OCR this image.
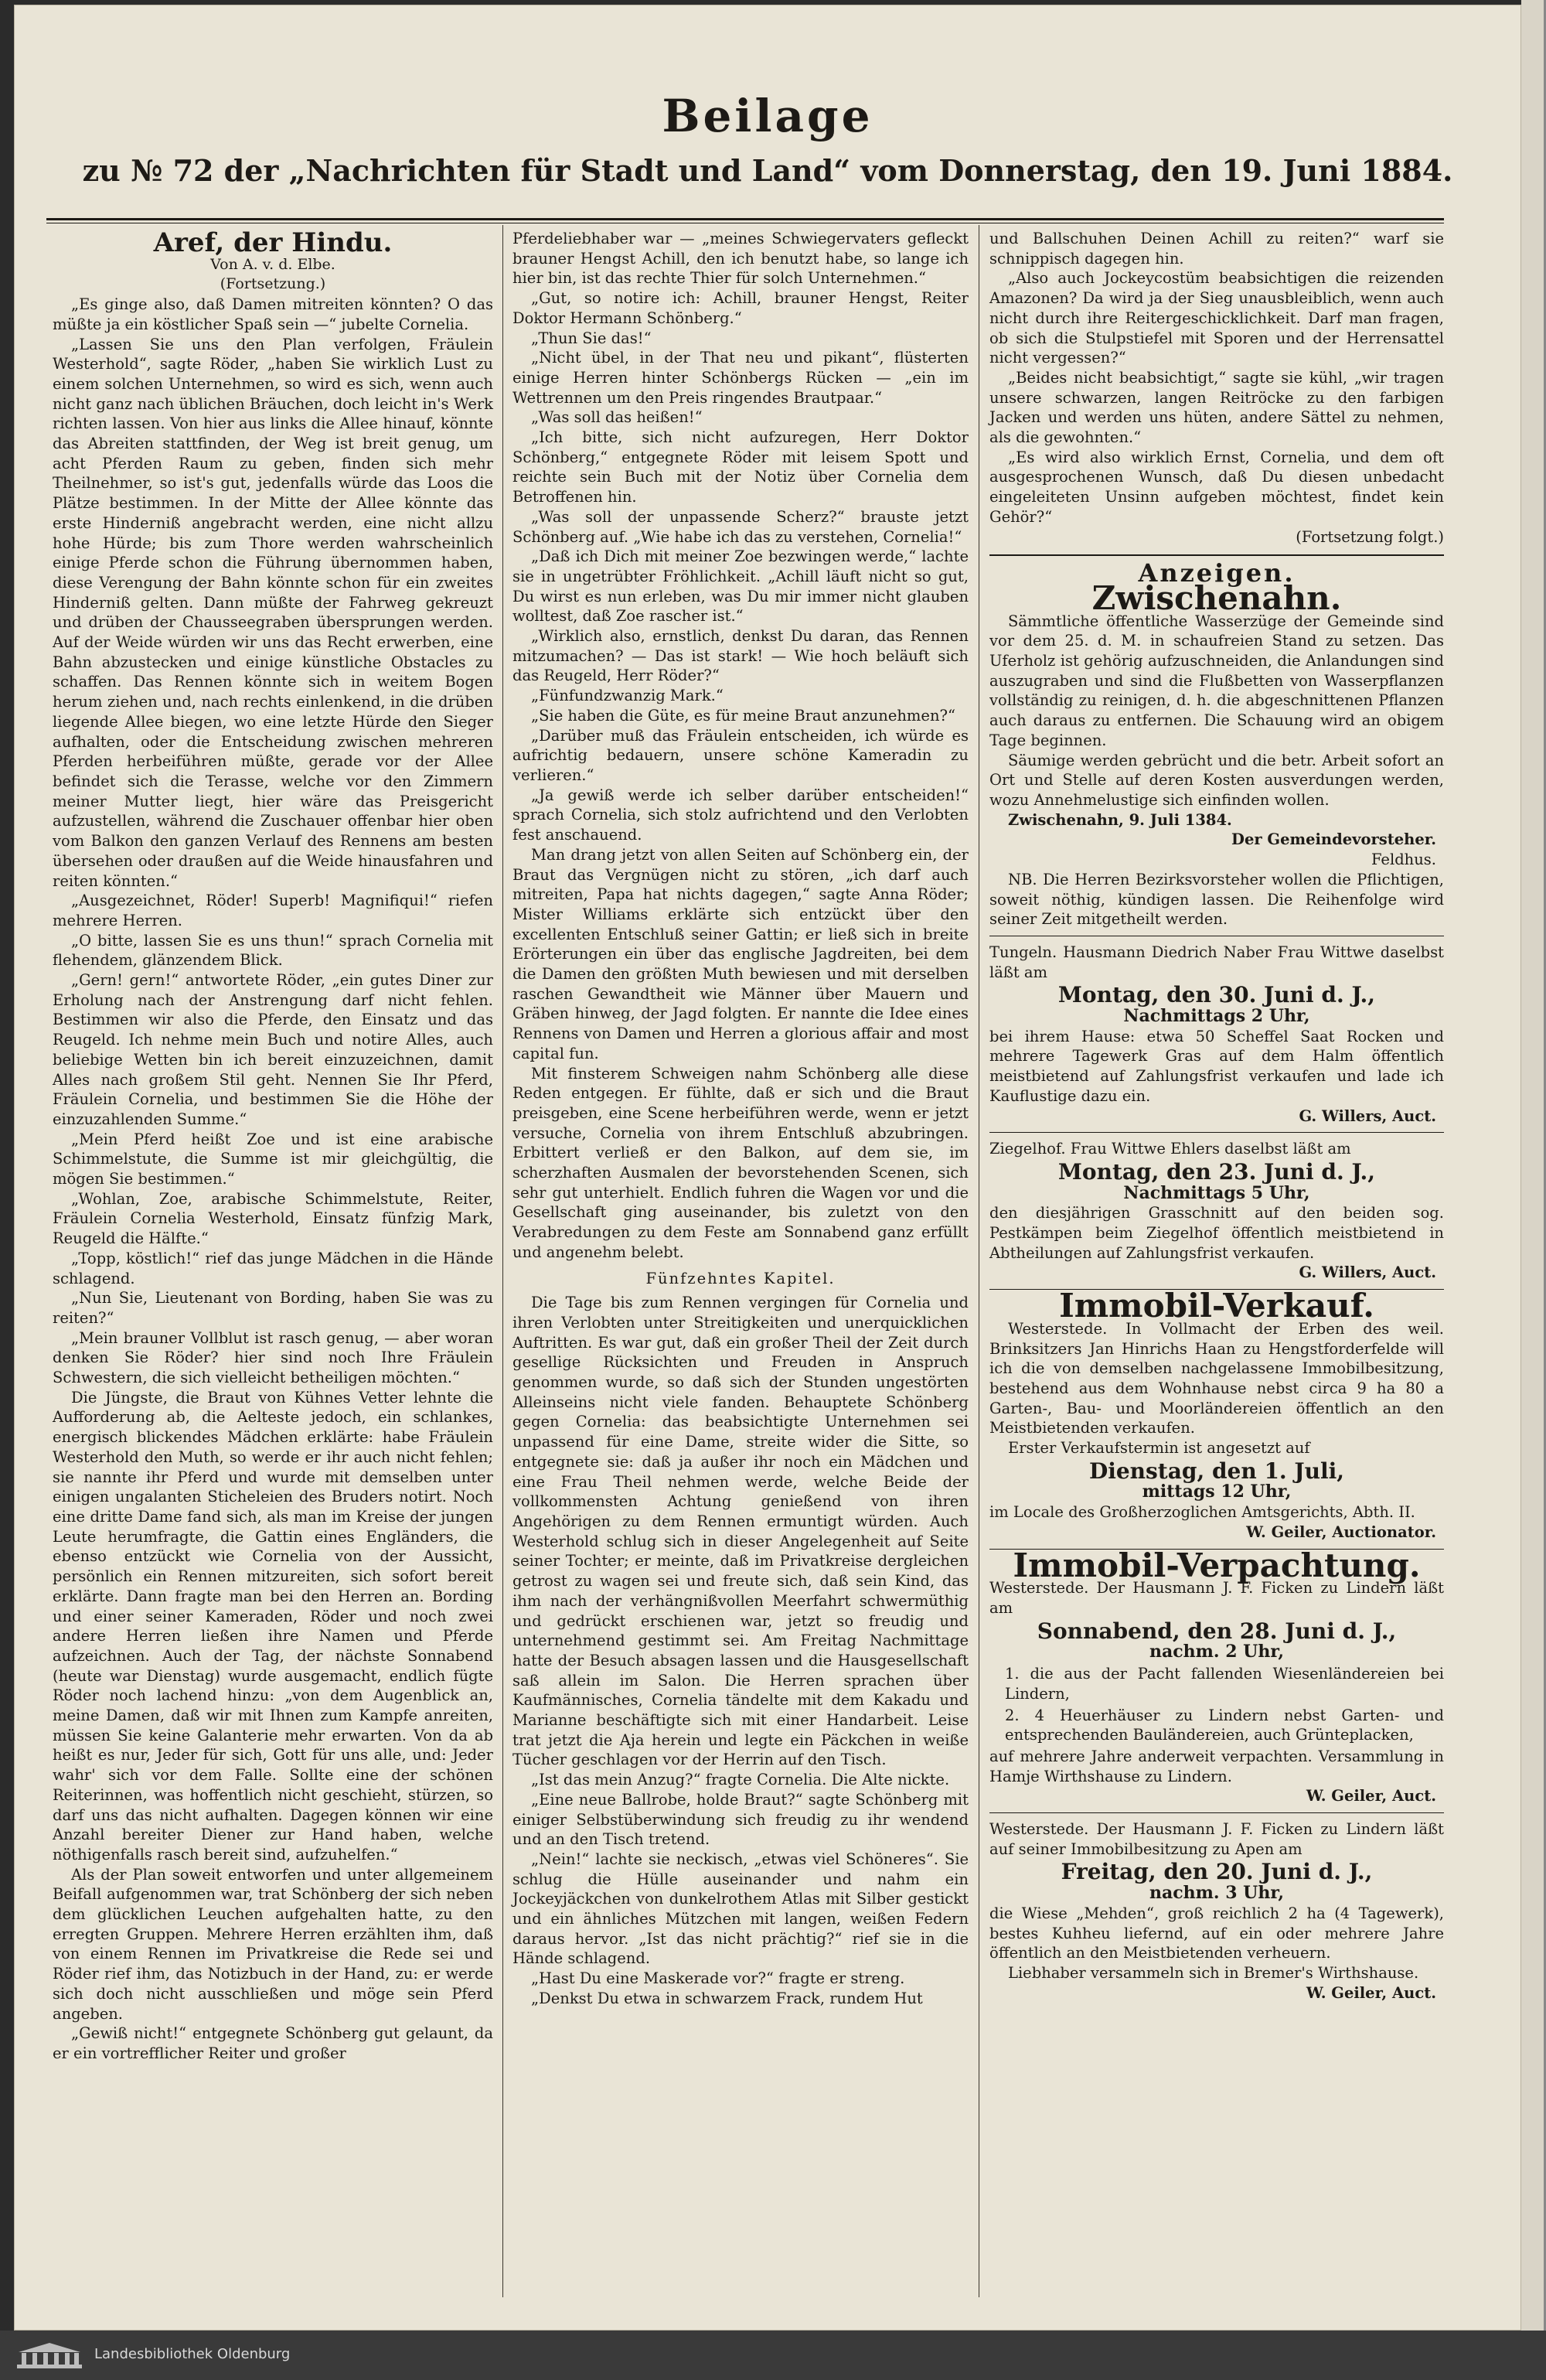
Beilage
zu № 72 der „Nachrichten für Stadt und Land“ vom Donnerstag, den 19. Juni 1884.
Aref, der Hindu.
Von A. v. d. Elbe.
(Fortsetzung.)

„Es ginge also, daß Damen mitreiten könnten? O das müßte ja ein köstlicher Spaß sein —“ jubelte Cornelia.

„Lassen Sie uns den Plan verfolgen, Fräulein Westerhold“, sagte Röder, „haben Sie wirklich Lust zu einem solchen Unternehmen, so wird es sich, wenn auch nicht ganz nach üblichen Bräuchen, doch leicht in's Werk richten lassen. Von hier aus links die Allee hinauf, könnte das Abreiten stattfinden, der Weg ist breit genug, um acht Pferden Raum zu geben, finden sich mehr Theilnehmer, so ist's gut, jedenfalls würde das Loos die Plätze bestimmen. In der Mitte der Allee könnte das erste Hinderniß angebracht werden, eine nicht allzu hohe Hürde; bis zum Thore werden wahrscheinlich einige Pferde schon die Führung übernommen haben, diese Verengung der Bahn könnte schon für ein zweites Hinderniß gelten. Dann müßte der Fahrweg gekreuzt und drüben der Chausseegraben übersprungen werden. Auf der Weide würden wir uns das Recht erwerben, eine Bahn abzustecken und einige künstliche Obstacles zu schaffen. Das Rennen könnte sich in weitem Bogen herum ziehen und, nach rechts einlenkend, in die drüben liegende Allee biegen, wo eine letzte Hürde den Sieger aufhalten, oder die Entscheidung zwischen mehreren Pferden herbeiführen müßte, gerade vor der Allee befindet sich die Terasse, welche vor den Zimmern meiner Mutter liegt, hier wäre das Preisgericht aufzustellen, während die Zuschauer offenbar hier oben vom Balkon den ganzen Verlauf des Rennens am besten übersehen oder draußen auf die Weide hinausfahren und reiten könnten.“

„Ausgezeichnet, Röder! Superb! Magnifiqui!“ riefen mehrere Herren.

„O bitte, lassen Sie es uns thun!“ sprach Cornelia mit flehendem, glänzendem Blick.

„Gern! gern!“ antwortete Röder, „ein gutes Diner zur Erholung nach der Anstrengung darf nicht fehlen. Bestimmen wir also die Pferde, den Einsatz und das Reugeld. Ich nehme mein Buch und notire Alles, auch beliebige Wetten bin ich bereit einzuzeichnen, damit Alles nach großem Stil geht. Nennen Sie Ihr Pferd, Fräulein Cornelia, und bestimmen Sie die Höhe der einzuzahlenden Summe.“

„Mein Pferd heißt Zoe und ist eine arabische Schimmelstute, die Summe ist mir gleichgültig, die mögen Sie bestimmen.“

„Wohlan, Zoe, arabische Schimmelstute, Reiter, Fräulein Cornelia Westerhold, Einsatz fünfzig Mark, Reugeld die Hälfte.“

„Topp, köstlich!“ rief das junge Mädchen in die Hände schlagend.

„Nun Sie, Lieutenant von Bording, haben Sie was zu reiten?“

„Mein brauner Vollblut ist rasch genug, — aber woran denken Sie Röder? hier sind noch Ihre Fräulein Schwestern, die sich vielleicht betheiligen möchten.“

Die Jüngste, die Braut von Kühnes Vetter lehnte die Aufforderung ab, die Aelteste jedoch, ein schlankes, energisch blickendes Mädchen erklärte: habe Fräulein Westerhold den Muth, so werde er ihr auch nicht fehlen; sie nannte ihr Pferd und wurde mit demselben unter einigen ungalanten Sticheleien des Bruders notirt. Noch eine dritte Dame fand sich, als man im Kreise der jungen Leute herumfragte, die Gattin eines Engländers, die ebenso entzückt wie Cornelia von der Aussicht, persönlich ein Rennen mitzureiten, sich sofort bereit erklärte. Dann fragte man bei den Herren an. Bording und einer seiner Kameraden, Röder und noch zwei andere Herren ließen ihre Namen und Pferde aufzeichnen. Auch der Tag, der nächste Sonnabend (heute war Dienstag) wurde ausgemacht, endlich fügte Röder noch lachend hinzu: „von dem Augenblick an, meine Damen, daß wir mit Ihnen zum Kampfe anreiten, müssen Sie keine Galanterie mehr erwarten. Von da ab heißt es nur, Jeder für sich, Gott für uns alle, und: Jeder wahr' sich vor dem Falle. Sollte eine der schönen Reiterinnen, was hoffentlich nicht geschieht, stürzen, so darf uns das nicht aufhalten. Dagegen können wir eine Anzahl bereiter Diener zur Hand haben, welche nöthigenfalls rasch bereit sind, aufzuhelfen.“

Als der Plan soweit entworfen und unter allgemeinem Beifall aufgenommen war, trat Schönberg der sich neben dem glücklichen Leuchen aufgehalten hatte, zu den erregten Gruppen. Mehrere Herren erzählten ihm, daß von einem Rennen im Privatkreise die Rede sei und Röder rief ihm, das Notizbuch in der Hand, zu: er werde sich doch nicht ausschließen und möge sein Pferd angeben.

„Gewiß nicht!“ entgegnete Schönberg gut gelaunt, da er ein vortrefflicher Reiter und großer

Pferdeliebhaber war — „meines Schwiegervaters gefleckt brauner Hengst Achill, den ich benutzt habe, so lange ich hier bin, ist das rechte Thier für solch Unternehmen.“

„Gut, so notire ich: Achill, brauner Hengst, Reiter Doktor Hermann Schönberg.“

„Thun Sie das!“

„Nicht übel, in der That neu und pikant“, flüsterten einige Herren hinter Schönbergs Rücken — „ein im Wettrennen um den Preis ringendes Brautpaar.“

„Was soll das heißen!“

„Ich bitte, sich nicht aufzuregen, Herr Doktor Schönberg,“ entgegnete Röder mit leisem Spott und reichte sein Buch mit der Notiz über Cornelia dem Betroffenen hin.

„Was soll der unpassende Scherz?“ brauste jetzt Schönberg auf. „Wie habe ich das zu verstehen, Cornelia!“

„Daß ich Dich mit meiner Zoe bezwingen werde,“ lachte sie in ungetrübter Fröhlichkeit. „Achill läuft nicht so gut, Du wirst es nun erleben, was Du mir immer nicht glauben wolltest, daß Zoe rascher ist.“

„Wirklich also, ernstlich, denkst Du daran, das Rennen mitzumachen? — Das ist stark! — Wie hoch beläuft sich das Reugeld, Herr Röder?“

„Fünfundzwanzig Mark.“

„Sie haben die Güte, es für meine Braut anzunehmen?“

„Darüber muß das Fräulein entscheiden, ich würde es aufrichtig bedauern, unsere schöne Kameradin zu verlieren.“

„Ja gewiß werde ich selber darüber entscheiden!“ sprach Cornelia, sich stolz aufrichtend und den Verlobten fest anschauend.

Man drang jetzt von allen Seiten auf Schönberg ein, der Braut das Vergnügen nicht zu stören, „ich darf auch mitreiten, Papa hat nichts dagegen,“ sagte Anna Röder; Mister Williams erklärte sich entzückt über den excellenten Entschluß seiner Gattin; er ließ sich in breite Erörterungen ein über das englische Jagdreiten, bei dem die Damen den größten Muth bewiesen und mit derselben raschen Gewandtheit wie Männer über Mauern und Gräben hinweg, der Jagd folgten. Er nannte die Idee eines Rennens von Damen und Herren a glorious affair and most capital fun.

Mit finsterem Schweigen nahm Schönberg alle diese Reden entgegen. Er fühlte, daß er sich und die Braut preisgeben, eine Scene herbeiführen werde, wenn er jetzt versuche, Cornelia von ihrem Entschluß abzubringen. Erbittert verließ er den Balkon, auf dem sie, im scherzhaften Ausmalen der bevorstehenden Scenen, sich sehr gut unterhielt. Endlich fuhren die Wagen vor und die Gesellschaft ging auseinander, bis zuletzt von den Verabredungen zu dem Feste am Sonnabend ganz erfüllt und angenehm belebt.

Fünfzehntes Kapitel.

Die Tage bis zum Rennen vergingen für Cornelia und ihren Verlobten unter Streitigkeiten und unerquicklichen Auftritten. Es war gut, daß ein großer Theil der Zeit durch gesellige Rücksichten und Freuden in Anspruch genommen wurde, so daß sich der Stunden ungestörten Alleinseins nicht viele fanden. Behauptete Schönberg gegen Cornelia: das beabsichtigte Unternehmen sei unpassend für eine Dame, streite wider die Sitte, so entgegnete sie: daß ja außer ihr noch ein Mädchen und eine Frau Theil nehmen werde, welche Beide der vollkommensten Achtung genießend von ihren Angehörigen zu dem Rennen ermuntigt würden. Auch Westerhold schlug sich in dieser Angelegenheit auf Seite seiner Tochter; er meinte, daß im Privatkreise dergleichen getrost zu wagen sei und freute sich, daß sein Kind, das ihm nach der verhängnißvollen Meerfahrt schwermüthig und gedrückt erschienen war, jetzt so freudig und unternehmend gestimmt sei. Am Freitag Nachmittage hatte der Besuch absagen lassen und die Hausgesellschaft saß allein im Salon. Die Herren sprachen über Kaufmännisches, Cornelia tändelte mit dem Kakadu und Marianne beschäftigte sich mit einer Handarbeit. Leise trat jetzt die Aja herein und legte ein Päckchen in weiße Tücher geschlagen vor der Herrin auf den Tisch.

„Ist das mein Anzug?“ fragte Cornelia. Die Alte nickte.

„Eine neue Ballrobe, holde Braut?“ sagte Schönberg mit einiger Selbstüberwindung sich freudig zu ihr wendend und an den Tisch tretend.

„Nein!“ lachte sie neckisch, „etwas viel Schöneres“. Sie schlug die Hülle auseinander und nahm ein Jockeyjäckchen von dunkelrothem Atlas mit Silber gestickt und ein ähnliches Mützchen mit langen, weißen Federn daraus hervor. „Ist das nicht prächtig?“ rief sie in die Hände schlagend.

„Hast Du eine Maskerade vor?“ fragte er streng.

„Denkst Du etwa in schwarzem Frack, rundem Hut

und Ballschuhen Deinen Achill zu reiten?“ warf sie schnippisch dagegen hin.

„Also auch Jockeycostüm beabsichtigen die reizenden Amazonen? Da wird ja der Sieg unausbleiblich, wenn auch nicht durch ihre Reitergeschicklichkeit. Darf man fragen, ob sich die Stulpstiefel mit Sporen und der Herrensattel nicht vergessen?“

„Beides nicht beabsichtigt,“ sagte sie kühl, „wir tragen unsere schwarzen, langen Reitröcke zu den farbigen Jacken und werden uns hüten, andere Sättel zu nehmen, als die gewohnten.“

„Es wird also wirklich Ernst, Cornelia, und dem oft ausgesprochenen Wunsch, daß Du diesen unbedacht eingeleiteten Unsinn aufgeben möchtest, findet kein Gehör?“

(Fortsetzung folgt.)
Anzeigen.
Zwischenahn.

Sämmtliche öffentliche Wasserzüge der Gemeinde sind vor dem 25. d. M. in schaufreien Stand zu setzen. Das Uferholz ist gehörig aufzuschneiden, die Anlandungen sind auszugraben und sind die Flußbetten von Wasserpflanzen vollständig zu reinigen, d. h. die abgeschnittenen Pflanzen auch daraus zu entfernen. Die Schauung wird an obigem Tage beginnen.

Säumige werden gebrücht und die betr. Arbeit sofort an Ort und Stelle auf deren Kosten ausverdungen werden, wozu Annehmelustige sich einfinden wollen.

Zwischenahn, 9. Juli 1384.

Der Gemeindevorsteher.
Feldhus.

NB. Die Herren Bezirksvorsteher wollen die Pflichtigen, soweit nöthig, kündigen lassen. Die Reihenfolge wird seiner Zeit mitgetheilt werden.

Tungeln. Hausmann Diedrich Naber Frau Wittwe daselbst läßt am

Montag, den 30. Juni d. J.,
Nachmittags 2 Uhr,

bei ihrem Hause: etwa 50 Scheffel Saat Rocken und mehrere Tagewerk Gras auf dem Halm öffentlich meistbietend auf Zahlungsfrist verkaufen und lade ich Kauflustige dazu ein.

G. Willers, Auct.

Ziegelhof. Frau Wittwe Ehlers daselbst läßt am

Montag, den 23. Juni d. J.,
Nachmittags 5 Uhr,

den diesjährigen Grasschnitt auf den beiden sog. Pestkämpen beim Ziegelhof öffentlich meistbietend in Abtheilungen auf Zahlungsfrist verkaufen.

G. Willers, Auct.
Immobil-Verkauf.

Westerstede. In Vollmacht der Erben des weil. Brinksitzers Jan Hinrichs Haan zu Hengstforderfelde will ich die von demselben nachgelassene Immobilbesitzung, bestehend aus dem Wohnhause nebst circa 9 ha 80 a Garten-, Bau- und Moorländereien öffentlich an den Meistbietenden verkaufen.

Erster Verkaufstermin ist angesetzt auf

Dienstag, den 1. Juli,
mittags 12 Uhr,

im Locale des Großherzoglichen Amtsgerichts, Abth. II.

W. Geiler, Auctionator.
Immobil-Verpachtung.

Westerstede. Der Hausmann J. F. Ficken zu Lindern läßt am

Sonnabend, den 28. Juni d. J.,
nachm. 2 Uhr,
1. die aus der Pacht fallenden Wiesenländereien bei Lindern,
2. 4 Heuerhäuser zu Lindern nebst Garten- und entsprechenden Bauländereien, auch Grünteplacken,

auf mehrere Jahre anderweit verpachten. Versammlung in Hamje Wirthshause zu Lindern.

W. Geiler, Auct.

Westerstede. Der Hausmann J. F. Ficken zu Lindern läßt auf seiner Immobilbesitzung zu Apen am

Freitag, den 20. Juni d. J.,
nachm. 3 Uhr,

die Wiese „Mehden“, groß reichlich 2 ha (4 Tagewerk), bestes Kuhheu liefernd, auf ein oder mehrere Jahre öffentlich an den Meistbietenden verheuern.

Liebhaber versammeln sich in Bremer's Wirthshause.

W. Geiler, Auct.
Landesbibliothek Oldenburg
